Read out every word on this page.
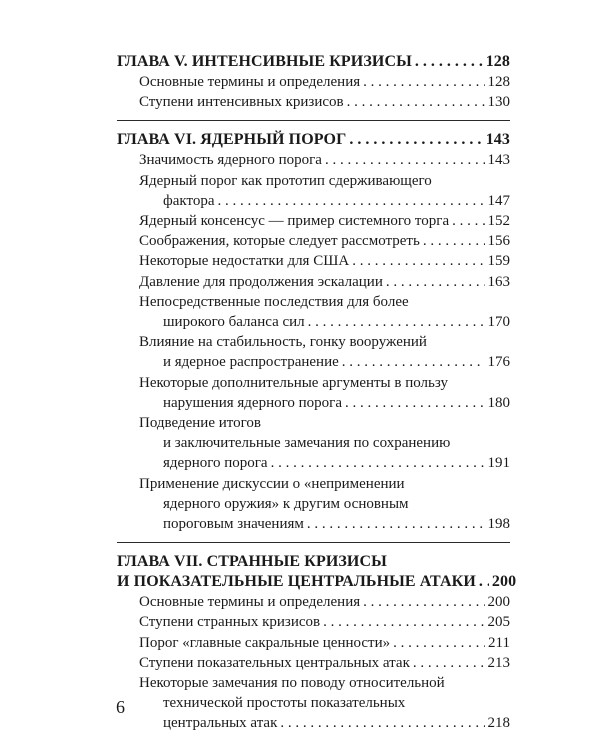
ГЛАВА V. ИНТЕНСИВНЫЕ КРИЗИСЫ . . .	128
Основные термины и определения . . .	128
Ступени интенсивных кризисов . . .	130
ГЛАВА VI. ЯДЕРНЫЙ ПОРОГ . . .	143
Значимость ядерного порога . . .	143
Ядерный порог как прототип сдерживающего
фактора . . .	147
Ядерный консенсус — пример системного торга . . .	152
Соображения, которые следует рассмотреть . . .	156
Некоторые недостатки для США . . .	159
Давление для продолжения эскалации . . .	163
Непосредственные последствия для более
широкого баланса сил . . .	170
Влияние на стабильность, гонку вооружений
и ядерное распространение . . .	176
Некоторые дополнительные аргументы в пользу
нарушения ядерного порога . . .	180
Подведение итогов
и заключительные замечания по сохранению
ядерного порога . . .	191
Применение дискуссии о «неприменении
ядерного оружия» к другим основным
пороговым значениям . . .	198
ГЛАВА VII. СТРАННЫЕ КРИЗИСЫ
И ПОКАЗАТЕЛЬНЫЕ ЦЕНТРАЛЬНЫЕ АТАКИ . . . 200
Основные термины и определения . . .	200
Ступени странных кризисов . . .	205
Порог «главные сакральные ценности» . . .	211
Ступени показательных центральных атак . . .	213
Некоторые замечания по поводу относительной
технической простоты показательных
центральных атак . . .	218
6
